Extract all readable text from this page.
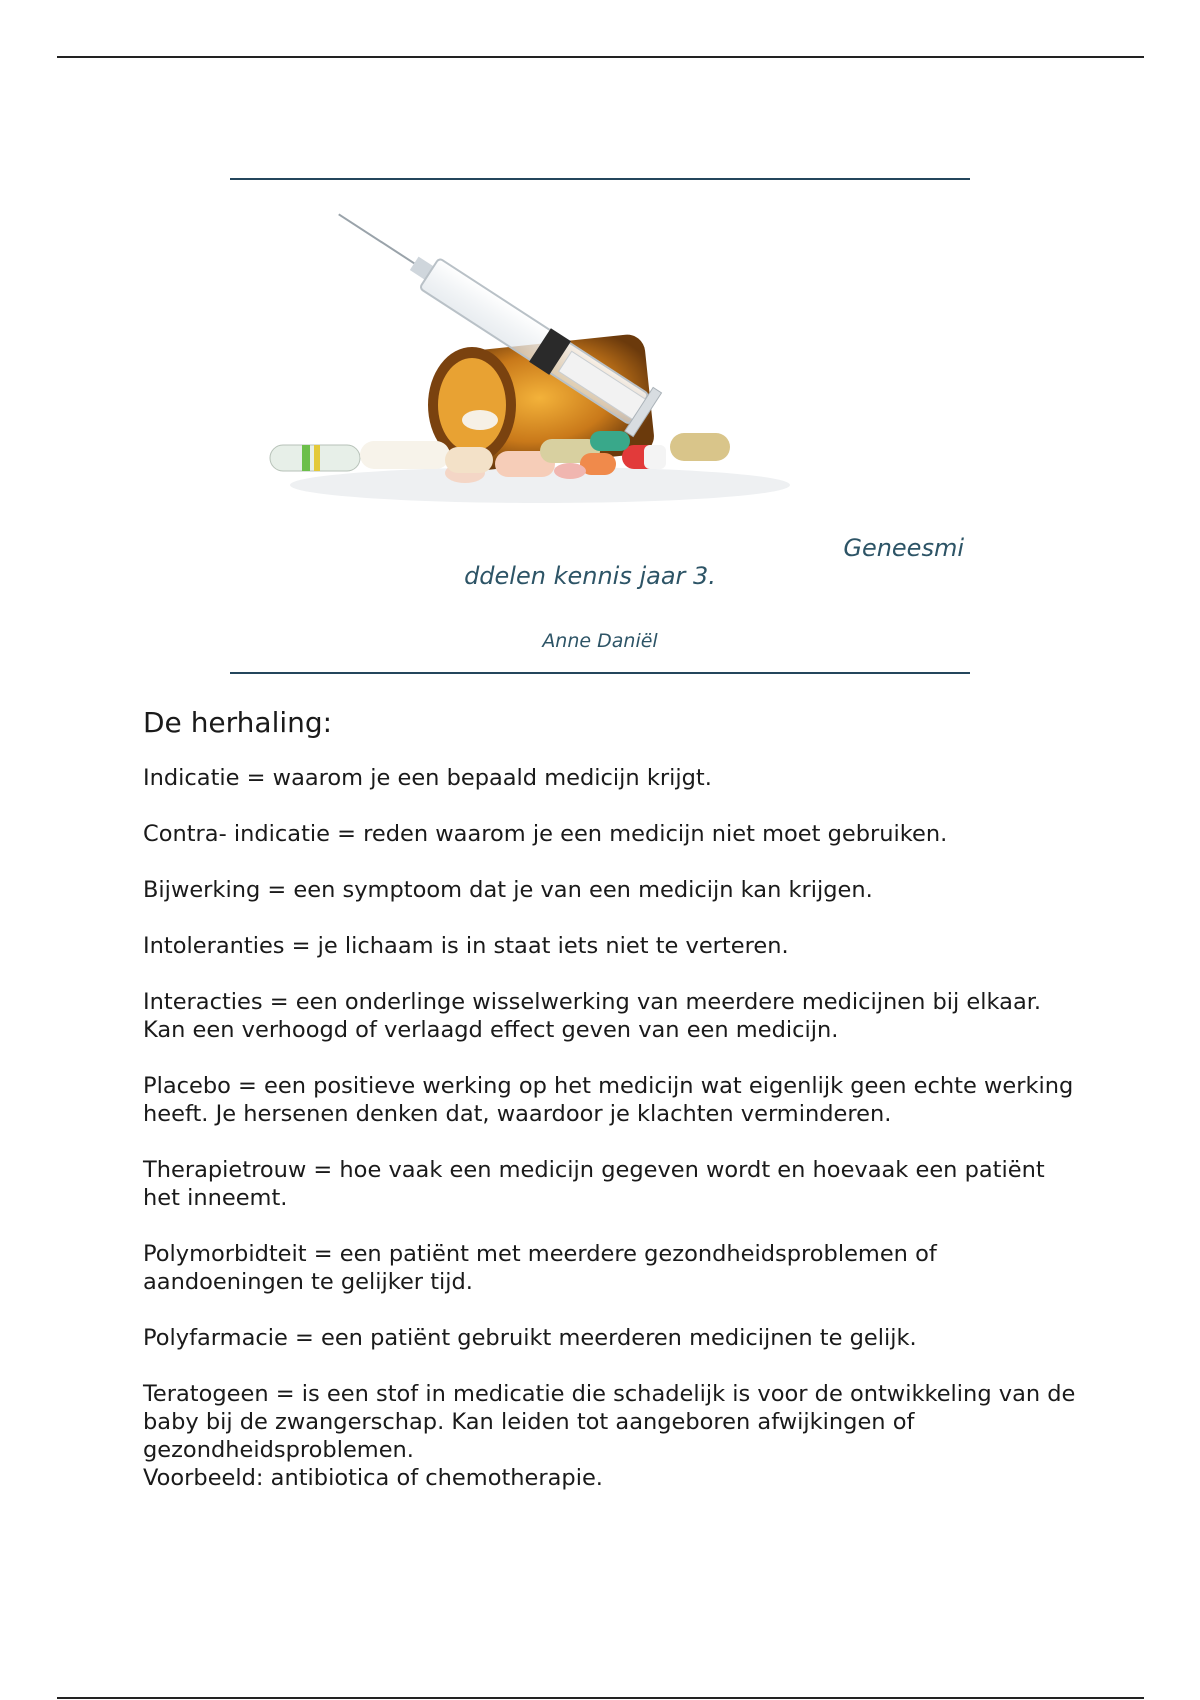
Geneesmi

ddelen kennis jaar 3.

Anne Daniël

De herhaling:

Indicatie = waarom je een bepaald medicijn krijgt.

Contra- indicatie = reden waarom je een medicijn niet moet gebruiken.

Bijwerking = een symptoom dat je van een medicijn kan krijgen.

Intoleranties = je lichaam is in staat iets niet te verteren.

Interacties = een onderlinge wisselwerking van meerdere medicijnen bij elkaar. Kan een verhoogd of verlaagd effect geven van een medicijn.

Placebo = een positieve werking op het medicijn wat eigenlijk geen echte werking heeft. Je hersenen denken dat, waardoor je klachten verminderen.

Therapietrouw = hoe vaak een medicijn gegeven wordt en hoevaak een patiënt het inneemt.

Polymorbidteit = een patiënt met meerdere gezondheidsproblemen of aandoeningen te gelijker tijd.

Polyfarmacie = een patiënt gebruikt meerderen medicijnen te gelijk.

Teratogeen = is een stof in medicatie die schadelijk is voor de ontwikkeling van de baby bij de zwangerschap. Kan leiden tot aangeboren afwijkingen of gezondheidsproblemen.

Voorbeeld: antibiotica of chemotherapie.
